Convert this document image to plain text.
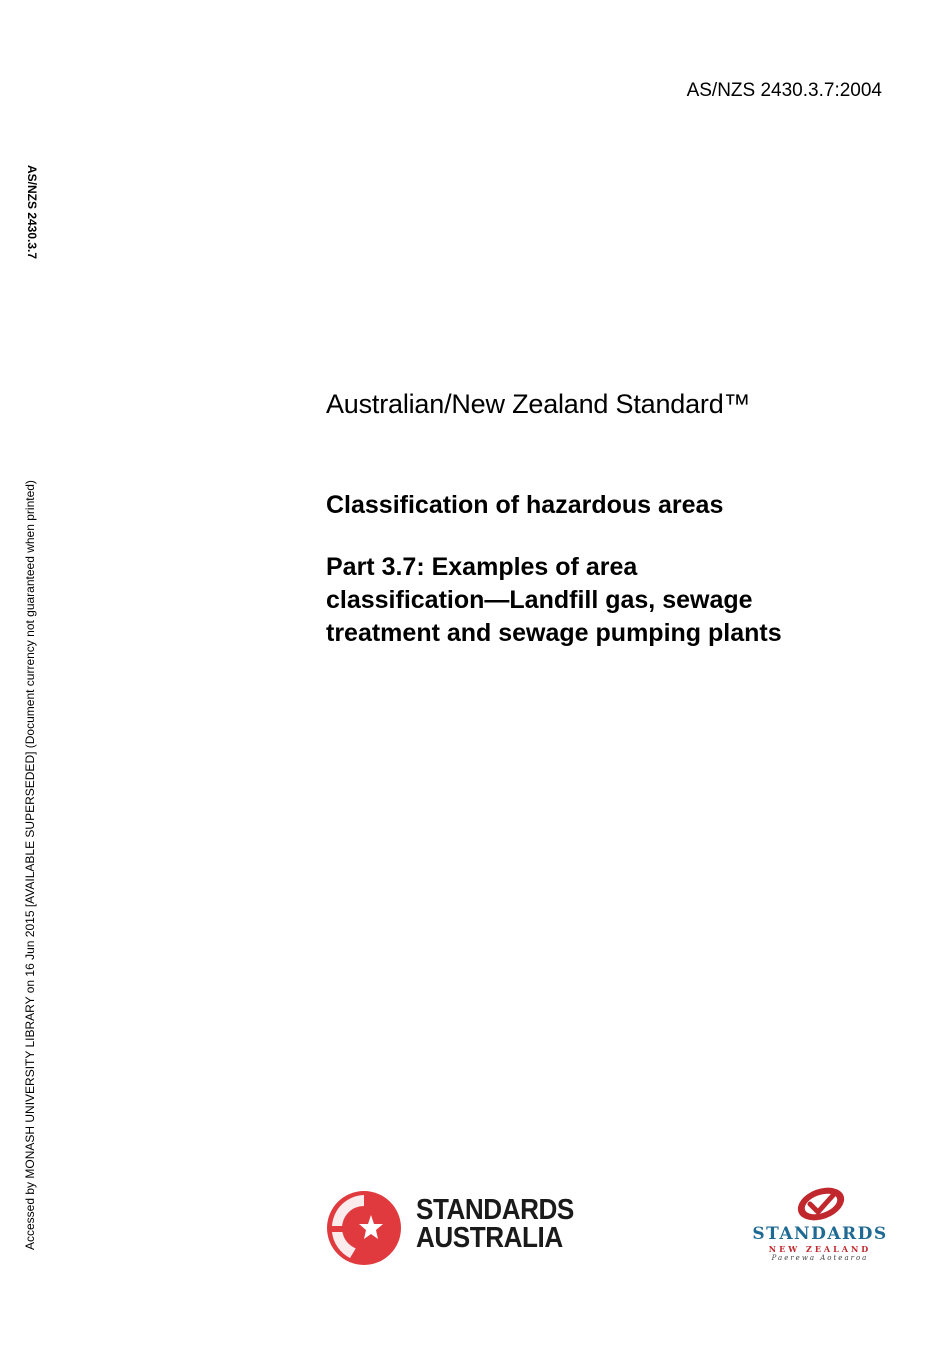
AS/NZS 2430.3.7:2004
AS/NZS 2430.3.7
Accessed by MONASH UNIVERSITY LIBRARY on 16 Jun 2015 [AVAILABLE SUPERSEDED] (Document currency not guaranteed when printed)
Australian/New Zealand Standard™
Classification of hazardous areas
Part 3.7: Examples of area
classification—Landfill gas, sewage
treatment and sewage pumping plants
STANDARDS
AUSTRALIA	STANDARDS
NEW ZEALAND
Paerewa Aotearoa
